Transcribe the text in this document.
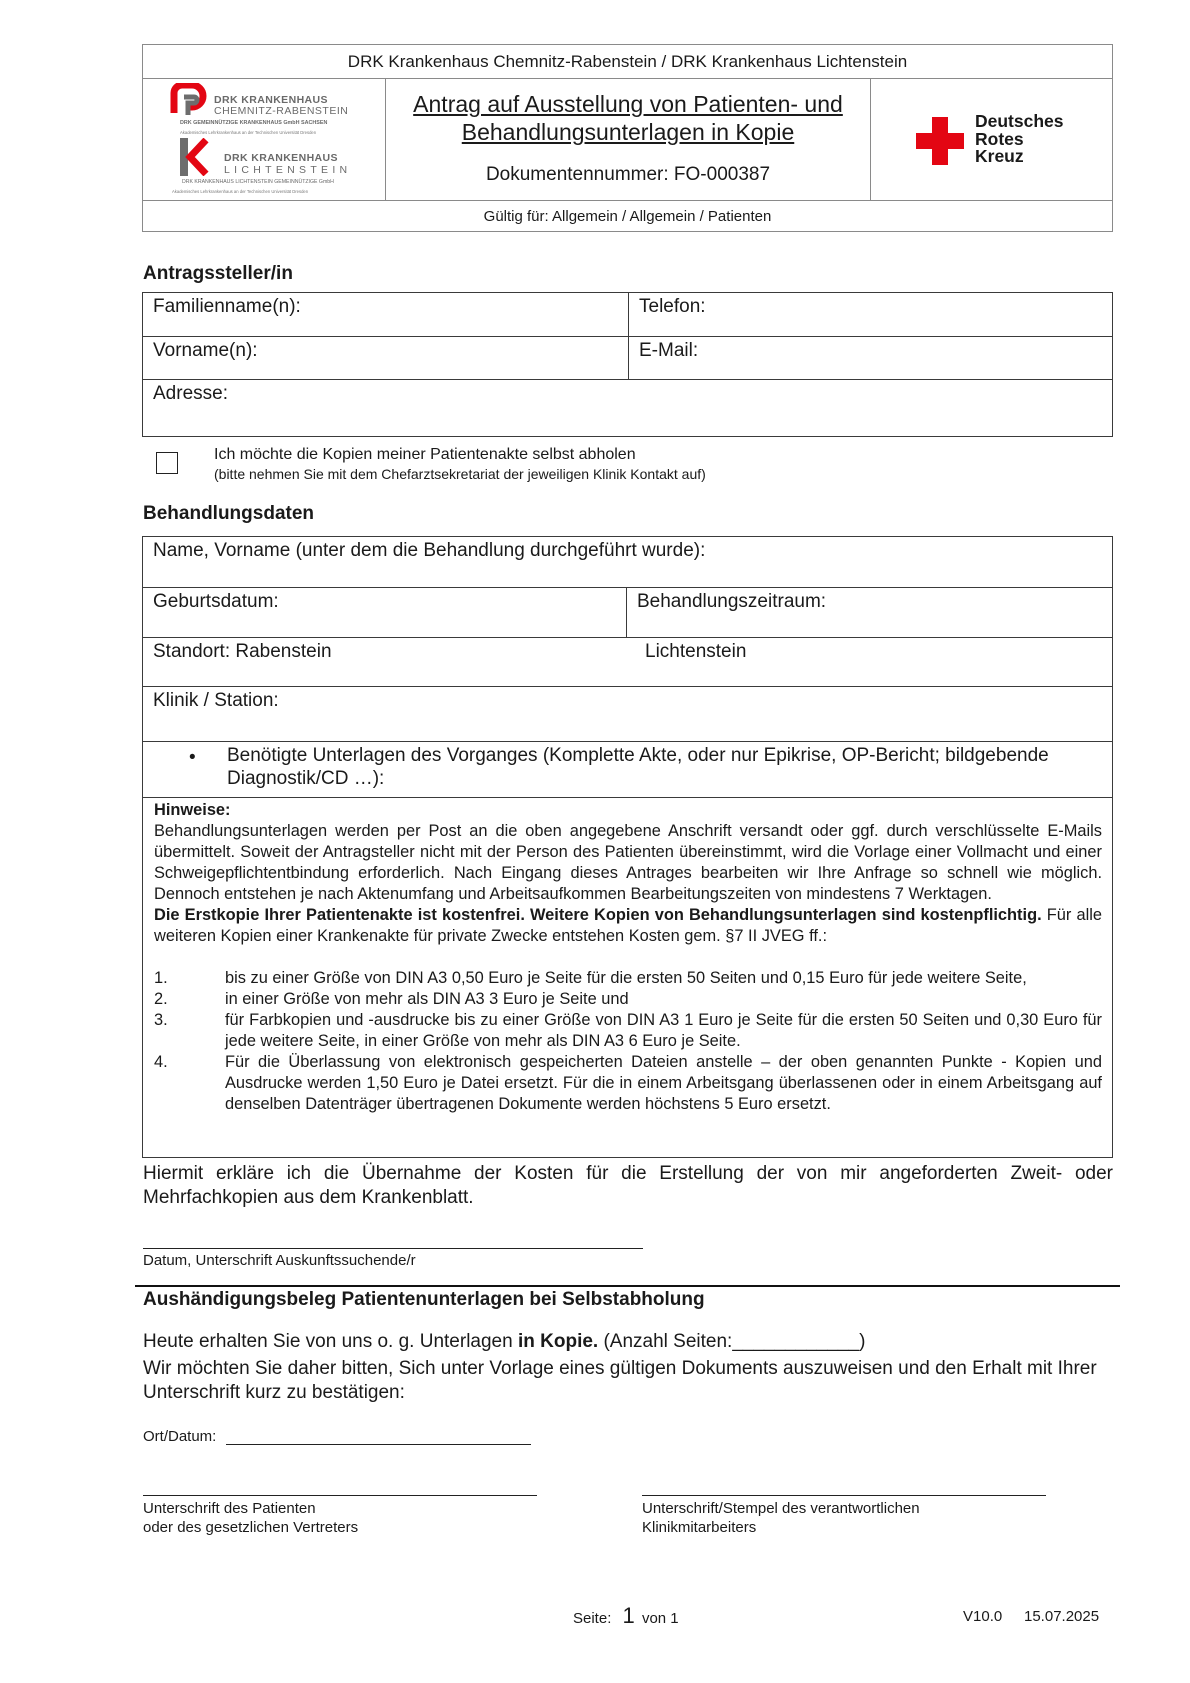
DRK Krankenhaus Chemnitz-Rabenstein / DRK Krankenhaus Lichtenstein
DRK KRANKENHAUS
CHEMNITZ-RABENSTEIN
DRK GEMEINNÜTZIGE KRANKENHAUS GmbH SACHSEN
Akademisches Lehrkrankenhaus an der Technischen Universität Dresden
DRK KRANKENHAUS
LICHTENSTEIN
DRK KRANKENHAUS LICHTENSTEIN GEMEINNÜTZIGE GmbH
Akademisches Lehrkrankenhaus an der Technischen Universität Dresden
Antrag auf Ausstellung von Patienten- und
Behandlungsunterlagen in Kopie
Dokumentennummer: FO-000387
Deutsches
Rotes
Kreuz
Gültig für: Allgemein / Allgemein / Patienten
Antragssteller/in
Familienname(n):	Telefon:
Vorname(n):	E-Mail:
Adresse:
Ich möchte die Kopien meiner Patientenakte selbst abholen
(bitte nehmen Sie mit dem Chefarztsekretariat der jeweiligen Klinik Kontakt auf)
Behandlungsdaten
Name, Vorname (unter dem die Behandlung durchgeführt wurde):
Geburtsdatum:	Behandlungszeitraum:
Standort: Rabenstein	Lichtenstein
Klinik / Station:
• Benötigte Unterlagen des Vorganges (Komplette Akte, oder nur Epikrise, OP-Bericht; bildgebende
Diagnostik/CD …):

Hinweise:

Behandlungsunterlagen werden per Post an die oben angegebene Anschrift versandt oder ggf. durch verschlüsselte E-Mails übermittelt. Soweit der Antragsteller nicht mit der Person des Patienten übereinstimmt, wird die Vorlage einer Vollmacht und einer Schweigepflichtentbindung erforderlich. Nach Eingang dieses Antrages bearbeiten wir Ihre Anfrage so schnell wie möglich. Dennoch entstehen je nach Aktenumfang und Arbeitsaufkommen Bearbeitungszeiten von mindestens 7 Werktagen.

Die Erstkopie Ihrer Patientenakte ist kostenfrei. Weitere Kopien von Behandlungsunterlagen sind kostenpflichtig. Für alle weiteren Kopien einer Krankenakte für private Zwecke entstehen Kosten gem. §7 II JVEG ff.:

1.	bis zu einer Größe von DIN A3 0,50 Euro je Seite für die ersten 50 Seiten und 0,15 Euro für jede weitere Seite,
2.	in einer Größe von mehr als DIN A3 3 Euro je Seite und
3.	für Farbkopien und -ausdrucke bis zu einer Größe von DIN A3 1 Euro je Seite für die ersten 50 Seiten und 0,30 Euro für jede weitere Seite, in einer Größe von mehr als DIN A3 6 Euro je Seite.
4.	Für die Überlassung von elektronisch gespeicherten Dateien anstelle – der oben genannten Punkte - Kopien und Ausdrucke werden 1,50 Euro je Datei ersetzt. Für die in einem Arbeitsgang überlassenen oder in einem Arbeitsgang auf denselben Datenträger übertragenen Dokumente werden höchstens 5 Euro ersetzt.
Hiermit erkläre ich die Übernahme der Kosten für die Erstellung der von mir angeforderten Zweit- oder Mehrfachkopien aus dem Krankenblatt.
Datum, Unterschrift Auskunftssuchende/r
Aushändigungsbeleg Patientenunterlagen bei Selbstabholung
Heute erhalten Sie von uns o. g. Unterlagen in Kopie. (Anzahl Seiten:____________)
Wir möchten Sie daher bitten, Sich unter Vorlage eines gültigen Dokuments auszuweisen und den Erhalt mit Ihrer Unterschrift kurz zu bestätigen:
Ort/Datum:
Unterschrift des Patienten
oder des gesetzlichen Vertreters
Unterschrift/Stempel des verantwortlichen
Klinikmitarbeiters
Seite: 1 von 1	V10.0 15.07.2025
